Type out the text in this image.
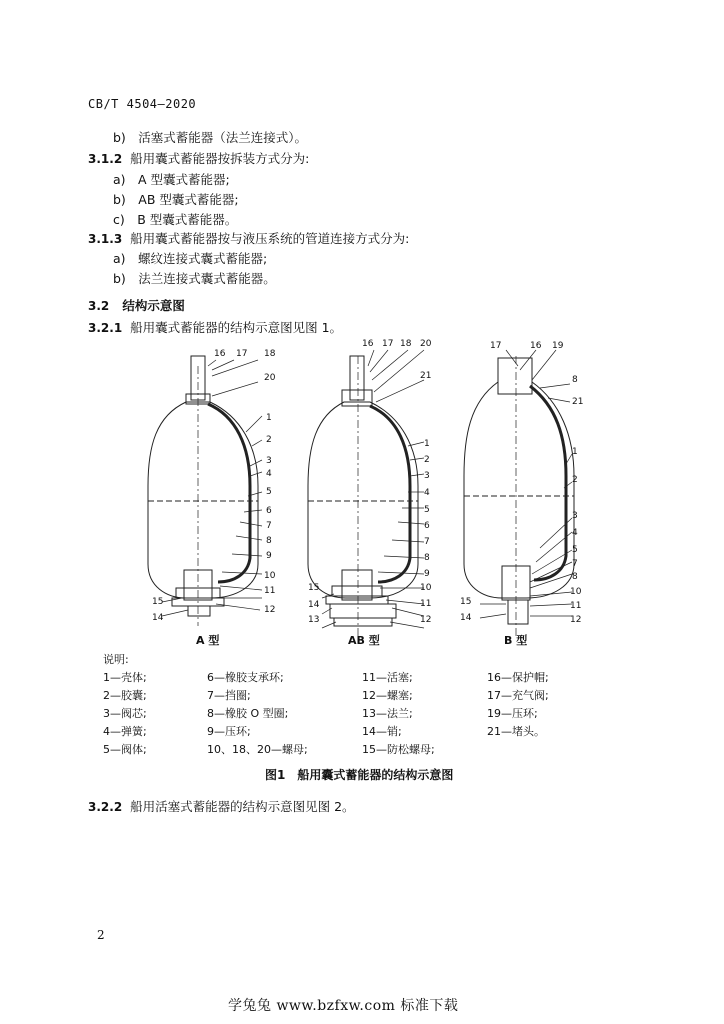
CB/T 4504—2020
b) 活塞式蓄能器（法兰连接式）。
3.1.2 船用囊式蓄能器按拆装方式分为:
a) A 型囊式蓄能器;
b) AB 型囊式蓄能器;
c) B 型囊式蓄能器。
3.1.3 船用囊式蓄能器按与液压系统的管道连接方式分为:
a) 螺纹连接式囊式蓄能器;
b) 法兰连接式囊式蓄能器。
3.2 结构示意图
3.2.1 船用囊式蓄能器的结构示意图见图 1。
16 17 18
20
1
2
3
4
5
6
7
8
9
10
11
12
15
14
16 17 18 20
21
1
2
3
4
5
6
7
8
9
10
11
12
15
14
13
17	16 19
8
21
1
2
3
4
5
7
8
10
11
12
15
14
A 型	AB 型	B 型
说明:
1—壳体;	6—橡胶支承环;	11—活塞;	16—保护帽;
2—胶囊;	7—挡圈;	12—螺塞;	17—充气阀;
3—阀芯;	8—橡胶 O 型圈;	13—法兰;	19—压环;
4—弹簧;	9—压环;	14—销;	21—堵头。
5—阀体;	10、18、20—螺母;	15—防松螺母;
图1 船用囊式蓄能器的结构示意图
3.2.2 船用活塞式蓄能器的结构示意图见图 2。
2
学兔兔 www.bzfxw.com 标准下载
